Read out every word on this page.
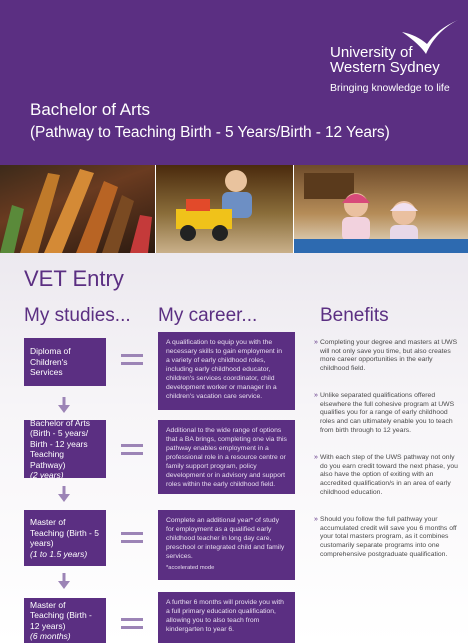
University of
Western Sydney
Bringing knowledge to life
Bachelor of Arts
(Pathway to Teaching Birth - 5 Years/Birth - 12 Years)
VET Entry
My studies... My career...	Benefits
Diploma of Children's Services
A qualification to equip you with the necessary skills to gain employment in a variety of early childhood roles, including early childhood educator, children's services coordinator, child development worker or manager in a children's vacation care service.
Bachelor of Arts (Birth - 5 years/ Birth - 12 years Teaching Pathway)
(2 years)
Additional to the wide range of options that a BA brings, completing one via this pathway enables employment in a professional role in a resource centre or family support program, policy development or in advisory and support roles within the early childhood field.
Master of Teaching (Birth - 5 years)
(1 to 1.5 years)
Complete an additional year* of study for employment as a qualified early childhood teacher in long day care, preschool or integrated child and family services.
*accelerated mode
Master of Teaching (Birth - 12 years)
(6 months)
A further 6 months will provide you with a full primary education qualification, allowing you to also teach from kindergarten to year 6.
» Completing your degree and masters at UWS will not only save you time, but also creates more career opportunities in the early childhood field.
» Unlike separated qualifications offered elsewhere the full cohesive program at UWS qualifies you for a range of early childhood roles and can ultimately enable you to teach from birth through to 12 years.
» With each step of the UWS pathway not only do you earn credit toward the next phase, you also have the option of exiting with an accredited qualification/s in an area of early childhood education.
» Should you follow the full pathway your accumulated credit will save you 6 months off your total masters program, as it combines customarily separate programs into one comprehensive postgraduate qualification.
